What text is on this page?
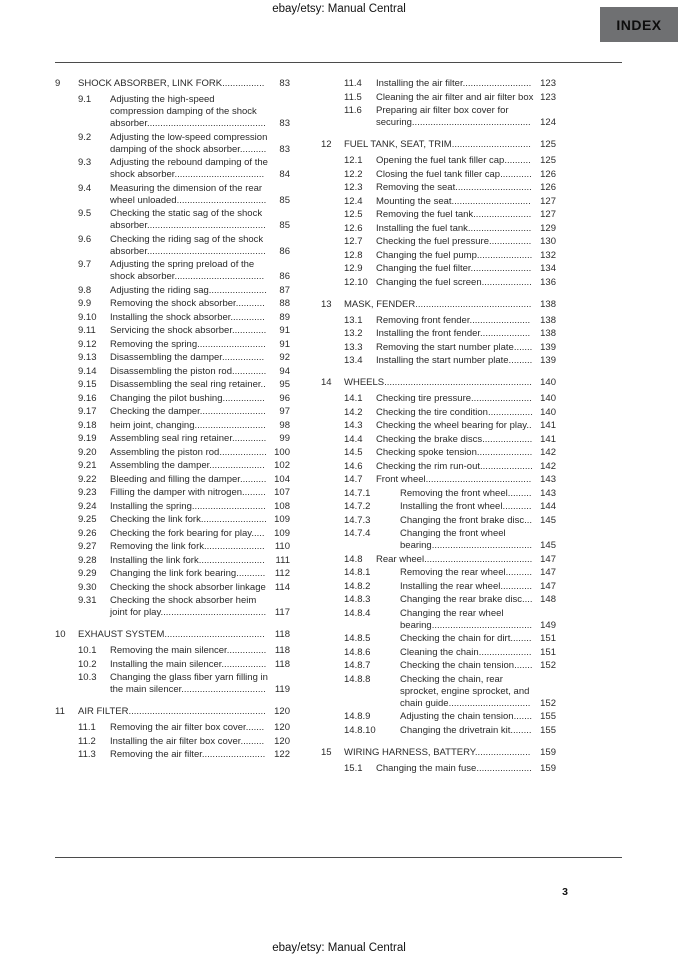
ebay/etsy: Manual Central
INDEX
9	SHOCK ABSORBER, LINK FORK................	83
9.1	Adjusting the high-speed compression damping of the shock absorber.............................................	83
9.2	Adjusting the low-speed compression damping of the shock absorber..........	83
9.3	Adjusting the rebound damping of the shock absorber..................................	84
9.4	Measuring the dimension of the rear wheel unloaded..................................	85
9.5	Checking the static sag of the shock absorber.............................................	85
9.6	Checking the riding sag of the shock absorber.............................................	86
9.7	Adjusting the spring preload of the shock absorber..................................	86
9.8	Adjusting the riding sag......................	87
9.9	Removing the shock absorber...........	88
9.10	Installing the shock absorber.............	89
9.11	Servicing the shock absorber.............	91
9.12	Removing the spring..........................	91
9.13	Disassembling the damper................	92
9.14	Disassembling the piston rod.............	94
9.15	Disassembling the seal ring retainer..	95
9.16	Changing the pilot bushing................	96
9.17	Checking the damper.........................	97
9.18	heim joint, changing...........................	98
9.19	Assembling seal ring retainer.............	99
9.20	Assembling the piston rod.................. 100
9.21	Assembling the damper..................... 102
9.22	Bleeding and filling the damper.......... 104
9.23	Filling the damper with nitrogen......... 107
9.24	Installing the spring............................ 108
9.25	Checking the link fork......................... 109
9.26	Checking the fork bearing for play.....	109
9.27	Removing the link fork.......................	110
9.28	Installing the link fork.........................	111
9.29	Changing the link fork bearing...........	112
9.30	Checking the shock absorber linkage 114
9.31	Checking the shock absorber heim joint for play........................................ 117
10	EXHAUST SYSTEM......................................	118
10.1	Removing the main silencer............... 118
10.2	Installing the main silencer................. 118
10.3	Changing the glass fiber yarn filling in the main silencer................................ 119
11	AIR FILTER.................................................... 120
11.1	Removing the air filter box cover.......	120
11.2	Installing the air filter box cover.........	120
11.3	Removing the air filter........................ 122
11.4	Installing the air filter.......................... 123
11.5	Cleaning the air filter and air filter box 123
11.6	Preparing air filter box cover for securing............................................. 124
12	FUEL TANK, SEAT, TRIM.............................. 125
12.1	Opening the fuel tank filler cap.......... 125
12.2	Closing the fuel tank filler cap............ 126
12.3	Removing the seat............................. 126
12.4	Mounting the seat.............................. 127
12.5	Removing the fuel tank...................... 127
12.6	Installing the fuel tank........................ 129
12.7	Checking the fuel pressure................ 130
12.8	Changing the fuel pump..................... 132
12.9	Changing the fuel filter....................... 134
12.10 Changing the fuel screen................... 136
13	MASK, FENDER............................................ 138
13.1	Removing front fender.......................	138
13.2	Installing the front fender...................	138
13.3	Removing the start number plate....... 139
13.4	Installing the start number plate......... 139
14	WHEELS........................................................ 140
14.1	Checking tire pressure....................... 140
14.2	Checking the tire condition................. 140
14.3	Checking the wheel bearing for play.. 141
14.4	Checking the brake discs................... 141
14.5	Checking spoke tension..................... 142
14.6	Checking the rim run-out.................... 142
14.7	Front wheel........................................ 143
14.7.1	Removing the front wheel......... 143
14.7.2	Installing the front wheel........... 144
14.7.3	Changing the front brake disc... 145
14.7.4	Changing the front wheel bearing...................................... 145
14.8	Rear wheel......................................... 147
14.8.1	Removing the rear wheel.......... 147
14.8.2	Installing the rear wheel............ 147
14.8.3	Changing the rear brake disc.... 148
14.8.4	Changing the rear wheel bearing...................................... 149
14.8.5	Checking the chain for dirt........ 151
14.8.6	Cleaning the chain.................... 151
14.8.7	Checking the chain tension....... 152
14.8.8	Checking the chain, rear sprocket, engine sprocket, and chain guide...............................	152
14.8.9	Adjusting the chain tension....... 155
14.8.10	Changing the drivetrain kit........ 155
15	WIRING HARNESS, BATTERY.....................	159
15.1	Changing the main fuse..................... 159
3
ebay/etsy: Manual Central
